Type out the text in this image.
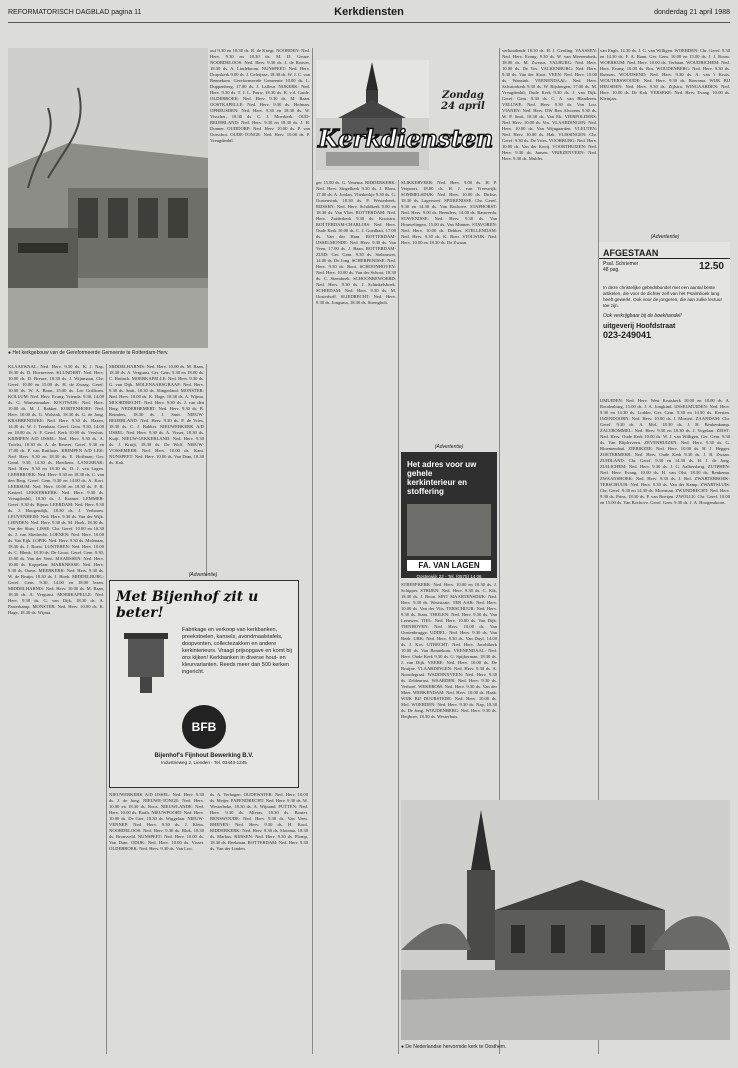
REFORMATORISCH DAGBLAD pagina 11	Kerkdiensten	donderdag 21 april 1988
● Het kerkgebouw van de Gereformeerde Gemeente te Rotterdam-Herv.

KLAASWAAL: Ned. Herv. 9.30 ds. K. J. Nap, 18.30 ds. D. Hoeneveen. KLUNDERT: Ned. Herv. 10.00 ds. D. Breure, 18.30 ds. J. Wijnmaan, Chr. Geref. 10.00 en 15.00 ds. H. de Zwaag. Geref. 10.00 ds. W. A. Boon, 15.00 ds. Lee Griffioen. KOLLUM: Ned. Herv. Evang. Vrienda. 9.30, 14.00 ds. G. Wansenmaker. KOOTWIJK: Ned. Herv. 10.00 ds. M. J. Bakker. KORTENHOEF: Ned. Herv. 10.00 ds. G. Wolsink, 18.30 ds. G. de Jong. KRABBENDIJKE: Ned. Herv. 9.30 ds. Hazen, 14.30 ds. W. J. Teenbaar. Geref. Gem. 9.30, 14.00 en 18.00 ds. A. F. Geref. Kerk 10.00 ds. Versluis. KRIMPEN A/D IJSSEL: Ned. Herv. 9.30 ds. A. Troelst, 18.30 ds. A. de Reuver. Geref. 9.30 en 17.00 ds. P. van Ruitlaars. KRIMPEN A/D LEK: Ned. Herv. 9.30 en 18.30 ds. E. Hoffman; Ger. Geml. 9.30, 14.30 ds. Heerkens. LANGERAK: Ned. Herv. 9.30 en 18.30 ds. D. J. van Lagen. LEERBROEK: Ned. Herv. 9.30 en 18.30 ds. C. van den Berg. Geref. Gem. 9.30 en 14.00 ds. A. Kort. LEERSUM: Ned. Herv. 10.00 en 18.30 ds. F. R. Kasteel. LEKKERKERK: Ned. Herv. 9.30 ds. Vreugdenhil, 18.30 ds. J. Kramer. LEMMER: Geref. 9.30 ds. Bijma. LEERDAM: Ned. Herv. 9.30 ds. J. Hoogendijk, 18.30 ds. J. Verboom. LEUVENHEIM: Ned. Herv. 9.30 ds. Van der Wijk. LIENDEN: Ned. Herv. 9.30 ds. M. Hoek, 18.30 ds. Van der Sluis. LISSE: Chr. Geref. 10.00 en 16.30 ds. J. van Sliedrecht. LOENEN: Ned. Herv. 10.00 ds. Van Eijk. LOPIK: Ned. Herv. 9.30 ds. Molenaar, 18.30 ds. J. Roest. LUNTEREN: Ned. Herv. 10.00 ds. C. Blenk, 18.30 ds. De Groot. Geref. Gem. 9.30, 15.00 ds. Van der Veen. MAARSSEN: Ned. Herv. 10.00 ds. Koppelaar. MARKNESSE: Ned. Herv. 9.30 ds. Ooms. MEERKERK: Ned. Herv. 9.30 ds. W. de Bruijn, 18.30 ds. J. Hoek. MIDDELBURG: Geref. Gem. 9.30, 14.00 en 18.00 lezen. MIDDELHARNIS: Ned. Herv. 10.00 ds. M. Baan, 18.30 ds. A. Vergunst. MOERKAPELLE: Ned. Herv. 9.30 ds. G. van Dijk, 18.30 ds. A. Pasterkamp. MONSTER: Ned. Herv. 10.00 ds. K. Hage, 18.30 ds. Wijma.

MIDDELHARNIS: Ned. Herv. 10.00 ds. M. Baan, 18.30 ds. A. Vergunst. Ger. Gem. 9.30 en 18.00 ds. C. Harinck. MOERKAPELLE: Ned. Herv. 9.30 ds. G. van Dijk. MOLENAARSGRAAF: Ned. Herv. 9.30 ds. Smit, 18.30 ds. Slingerland. MONSTER: Ned. Herv. 10.00 ds. K. Hage, 18.30 ds. A. Wijma. MOORDRECHT: Ned. Herv. 9.30 ds. J. van den Berg. NEDERHEMERT: Ned. Herv. 9.30 ds. B. Reinders, 18.30 ds. J. Smit. NIEUW-BEIJERLAND: Ned. Herv. 9.30 ds. P. de Vries, 18.30 ds. C. J. Bakker. NIEUWERKERK A/D IJSSEL: Ned. Herv. 9.30 ds. A. Visser, 18.30 ds. Kuijt. NIEUW-LEKKERLAND: Ned. Herv. 9.30 ds. J. Kruijt, 18.30 ds. De Wolf. NIEUW-VOSSEMEER: Ned. Herv. 10.00 ds. Kant. NUNSPEET: Ned. Herv. 10.00 ds. Van Dam, 18.30 ds. Kok.

NIEUWERKERK A/D IJSSEL: Ned. Herv. 9.30 ds. J. de Jong. NIEUWE-TONGE: Ned. Herv. 10.00 en 18.30 ds. Roos. NIEUWLANDE: Ned. Herv. 10.00 ds. Barth. NIEUWPOORT: Ned. Herv. 10.00 ds. De Gier, 18.30 ds. Wiggelaar. NIEUW-VENNEP: Ned. Herv. 9.30 ds. J. Klein. NOORDELOOS: Ned. Herv. 9.30 ds. Blok, 18.30 ds. Bronsveld. NUNSPEET: Ned. Herv. 10.00 ds. Van Dam. ODIJK: Ned. Herv. 10.00 ds. Visser. OLDEBROEK: Ned. Herv. 9.30 ds. Van Loo.

ouf 9.30 en 18.30 ds. B. de Knegt. NOORDEN: Ned. Herv. 9.30 en 18.30 ds. M. D. Geuze. NOORDELOOS: Ned. Herv. 9.30 ds. J. de Reuver, 18.30 ds. A. Lindeboom. NUNSPEET: Ned. Herv. Dorpskerk 9.00 ds. J. Geleijnse, 18.30 ds. W. J. C. van Bennekom. Gereformeerde Gemeente 10.00 ds. L. Duppenberg, 17.00 ds. J. Lafleur. NIJKERK: Ned. Herv. 9.30 ds. T. J. L. Pauw, 18.30 ds. K. v.d. Garde. OLDEBROEK: Ned. Herv. 9.30 ds. M. Baan. OOSTKAPELLE: Ned. Herv. 9.30 ds. Hofman. OPHEUSDEN: Ned. Herv. 9.30 en 18.30 ds. W. Visscher, 18.30 ds. C. J. Moerkerk. OUD-BEIJERLAND: Ned. Herv. 9.30 en 18.30 ds. J. H. Donner. OUDDORP: Ned. Herv. 10.00 ds. P. van Oorschot. OUDE-TONGE: Ned. Herv. 10.00 ds. P. Vreugdenhil.

ds. A. Verhagen. OUDEWATER: Ned. Herv. 10.00 ds. Meijer. PAPENDRECHT: Ned. Herv. 9.30 ds. W. Westerbeke, 18.30 ds. A. Wijnand. PUTTEN: Ned. Herv. 9.30 ds. Mieras, 18.30 ds. Bouter. RENSWOUDE: Ned. Herv. 9.30 ds. Van Veen. RHENEN: Ned. Herv. 9.30 ds. H. Kool. RIDDERKERK: Ned. Herv. 9.30 ds. Slotema, 18.30 ds. Markus. RIJSSEN: Ned. Herv. 9.30 ds. Plomp, 18.30 ds. Beekman. ROTTERDAM: Ned. Herv. 9.30 ds. Van der Linden.

Kerkdiensten
Zondag
24 april

ger 15.00 ds. G. Venema. RIDDERKERK: Ned. Herv. Singelkerk 9.30 ds. J. Blom, 17.00 ds. A. Jordan, Vlietkerkje 9.30 ds. G. Oostenvink, 18.30 ds. P. Westerbeek. RIJSSEN: Ned. Herv. Schildkerk 9.00 en 18.30 ds. Van Vliet. ROTTERDAM: Ned. Herv. Zuiderkerk 9.30 ds. Kooistra. ROTTERDAM-CHARLOIS: Ned. Herv. Oude Kerk 10.00 ds. C. J. Goedhart, 17.00 ds. Van der Ham. ROTTERDAM-IJSSELMONDE: Ned. Herv. 9.30 ds. Van Veen, 17.00 ds. J. Baan. ROTTERDAM-ZUID: Ger. Gem. 9.30 ds. Stehouwer, 14.00 ds. De Jong. SCHERPENISSE: Ned. Herv. 9.30 ds. Boot. SCHOONHOVEN: Ned. Herv. 10.00 ds. Van der Schoot, 18.30 ds. C. Steenbeek. SCHOONREWOERD: Ned. Herv. 9.30 ds. J. Schinkelshoek. SCHIEDAM: Ned. Herv. 9.30 ds. M. Oosterhoff. SLIEDRECHT: Ned. Herv. 9.30 ds. Jongsma, 18.30 ds. Strengholt.

SLIKKERVEER: Ned. Herv. 9.00 ds. H. P. Verpoort, 18.00 ds. H. J. van Vreeswijk. SOMMELSDIJK: Ned. Herv. 10.00 ds. Dirkse, 18.30 ds. Lagerwerf. SPIJKENISSE: Chr. Geref. 9.30 en 14.30 ds. Van Bochove. STAPHORST: Ned. Herv. 9.00 ds. Reenders, 14.00 ds. Rauwerda. STAVENISSE: Ned. Herv. 9.30 ds. Van Houwelingen, 15.00 ds. Van Minnen. STAVOREN: Ned. Herv. 10.00 ds. Dekker. STELLENDAM: Ned. Herv. 9.30 ds. K. Boer. STOLWIJK: Ned. Herv. 10.00 en 18.30 ds. De Zwaan.

(Advertentie)
Het adres voor uw gehele
kerkinterieur en stoffering
FA. VAN LAGEN
Oosterwijk 22 - Tel. (0575) 14 06

STREEFKERK: Ned. Herv. 10.00 en 18.30 ds. J. Schipper. STRIJEN: Ned. Herv. 9.30 ds. C. Kik, 18.30 ds. J. Boon. SINT MAARTENSDIJK: Ned. Herv. 9.30 ds. Weststrate. TER AAR: Ned. Herv. 10.00 ds. Van der Vlis. TERSCHUUR: Ned. Herv. 9.30 ds. Stam. THOLEN: Ned. Herv. 9.30 ds. Van Leeuwen. TIEL: Ned. Herv. 10.00 ds. Van Dijk. TIENHOVEN: Ned. Herv. 10.00 ds. Van Oostenbrugge. UDDEL: Ned. Herv. 9.30 ds. Van Beek. URK: Ned. Herv. 9.30 ds. Van Duyl, 14.00 ds. J. Kos. UTRECHT: Ned. Herv. Jacobikerk 10.00 ds. Van Bennekom. VEENENDAAL: Ned. Herv. Oude Kerk 9.30 ds. G. Spijkerman, 18.30 ds. J. van Dijk. VEERE: Ned. Herv. 10.00 ds. De Bruijne. VLAARDINGEN: Ned. Herv. 9.30 ds. A. Noordegraaf. WADDINXVEEN: Ned. Herv. 9.30 ds. Zeldenrust. WAARDER: Ned. Herv. 9.30 ds. Verhoef. WEKEROM: Ned. Herv. 9.30 ds. Van der Meer. WERKENDAM: Ned. Herv. 10.00 ds. Haak. WIJK BIJ DUURSTEDE: Ned. Herv. 10.00 ds. Mol. WOERDEN: Ned. Herv. 9.30 ds. Nap, 18.30 ds. De Jong. WOUDENBERG: Ned. Herv. 9.30 ds. Heijboer, 18.30 ds. Westerhuis.

verhoudende 18.30 ds. H. J. Gerding. VAASSEN: Ned. Herv. Evang. 9.30 ds. W. van Meerendonk, 18.00 ds. M. Zwerus. VALBURG: Ned. Herv. 10.00 ds. De Vos. VALKENBURG: Ned. Herv. 9.30 ds. Van der Sloot. VEEN: Ned. Herv. 10.00 ds. Wansink. VEENENDAAL: Ned. Herv. Salvatorkerk 9.30 ds. W. Rijsbergen, 17.00 ds. M. Vreugdenhil; Oude Kerk 9.30 ds. J. van Dijk. Geref. Gem. 9.30 ds. C. A. van Blaaderen. VELUWE: Ned. Herv. 9.30 ds. Van Loo. VIANEN: Ned. Herv. DW Ben Alvorens 9.30 ds. W. P. Smit, 18.30 ds. Van Ek. VIERPOLDERS: Ned. Herv. 10.00 ds. Vos. VLAARDINGEN: Ned. Herv. 10.00 ds. Van Wijngaarden. VLEUTEN: Ned. Herv. 10.00 ds. Hak. VLISSINGEN: Chr. Geref. 9.30 ds. De Vries. VOORBURG: Ned. Herv. 10.00 ds. Van der Kooij. VOORTHUIZEN: Ned. Herv. 9.30 ds. Jansen. VRIEZENVEEN: Ned. Herv. 9.30 ds. Mulder.

van Engh, 14.30 ds. J. G. van Willigen. WOERDEN: Chr. Geref. 9.30 en 14.30 ds. F. A. Baan. Ger. Gem. 10.00 en 15.00 ds. J. J. Rouw. WOERKUM: Ned. Herv. 10.00 ds. Verbaan. WOUDRICHEM: Ned. Herv. Evang. 10.00 ds. Ros. WOUDENBERG: Ned. Herv. 9.30 ds. Ruissen. WOUDSEND: Ned. Herv. 9.30 ds. A. van 't Kruis. WOUTERSWOUDE: Ned. Herv. 9.30 ds. Boersma. WIJK BIJ HEUSDEN: Ned. Herv. 9.30 ds. Zijlstra. WINGAARDEN: Ned. Herv. 10.00 ds. De Kok. YERSEKE: Ned. Herv. Evang. 10.00 ds. Kleinjan.

(Advertentie)
AFGESTAAN
Psal. Schriemer
48 pag.	12.50
In deze christelijke gebedsbundel met een aantal beste artikelen, die voor de dichter zelf van het Psalmboek lang heeft gewerkt. Ook voor de jongeren, die aan zulke lectuur toe zijn.
Ook verkrijgbaar bij de boekhandel!
uitgeverij Hoofdstraat
023-249041

IJMUIDEN: Ned. Herv. West Kruiskerk 10.00 en 18.00 ds. A. Roodenburg, 15.00 ds. J. A. Jongkind. IJSSELMUIDEN: Ned. Herv. 9.30 en 14.30 ds. Lodder, Ger. Gem. 9.30 en 14.30 ds. Kersten. IJZENDOORN: Ned. Herv. 10.00 ds. J. Mostert. ZAANDAM: Chr. Geref. 9.30 ds. A. Mol, 18.30 ds. J. H. Beukenkamp. ZALTBOMMEL: Ned. Herv. 9.30 en 18.30 ds. J. Vogelaar. ZEIST: Ned. Herv. Oude Kerk 10.00 ds. W. J. van Willigen, Ger. Gem. 9.30 ds. Van Blijderveen. ZEVENHUIZEN: Ned. Herv. 9.30 ds. G. Bloemendaal. ZIERIKZEE: Ned. Herv. 10.00 ds. H. J. Hegger. ZOETERMEER: Ned. Herv. Oude Kerk 9.30 ds. J. R. Zwaan. ZUIDLAND: Chr. Geref. 9.30 en 14.30 ds. H. J. de Jong. ZUILICHEM: Ned. Herv. 9.30 ds. J. G. Aalbersberg. ZUTPHEN: Ned. Herv. Evang. 10.00 ds. H. van Olst, 18.30 ds. Renkema. ZWAANSHOEK: Ned. Herv. 9.30 ds. J. Bol. ZWARTEBROEK-TERSCHUUR: Ned. Herv. 9.30 ds. Van der Kamp. ZWARTSLUIS: Chr. Geref. 9.30 en 14.30 ds. Moerman. ZWIJNDRECHT: Ned. Herv. 9.30 ds. Prins, 18.30 ds. P. van Boeijen. ZWOLLE: Chr. Geref. 10.00 en 15.00 ds. Van Bochove. Geref. Gem. 9.30 ds. J. A. Hoogendoorn.

● De Nederlandse hervormde kerk te Oosthem.
(Advertentie)
Met Bijenhof zit u beter!
Fabrikage en verkoop van kerkbanken, preekstoelen, kansels, avondmaalstafels, doopvonten, collectezakken en andere kerkinterieurs. Vraagt prijsopgave en komt bij ons kijken! Kerkbanken in diverse hout- en kleurvarianten. Reeds meer dan 500 kerken ingericht.
BFB
Bijenhof's Fijnhout Bewerking B.V.
Industrieweg 2, Lienden - Tel. 03443-1245
